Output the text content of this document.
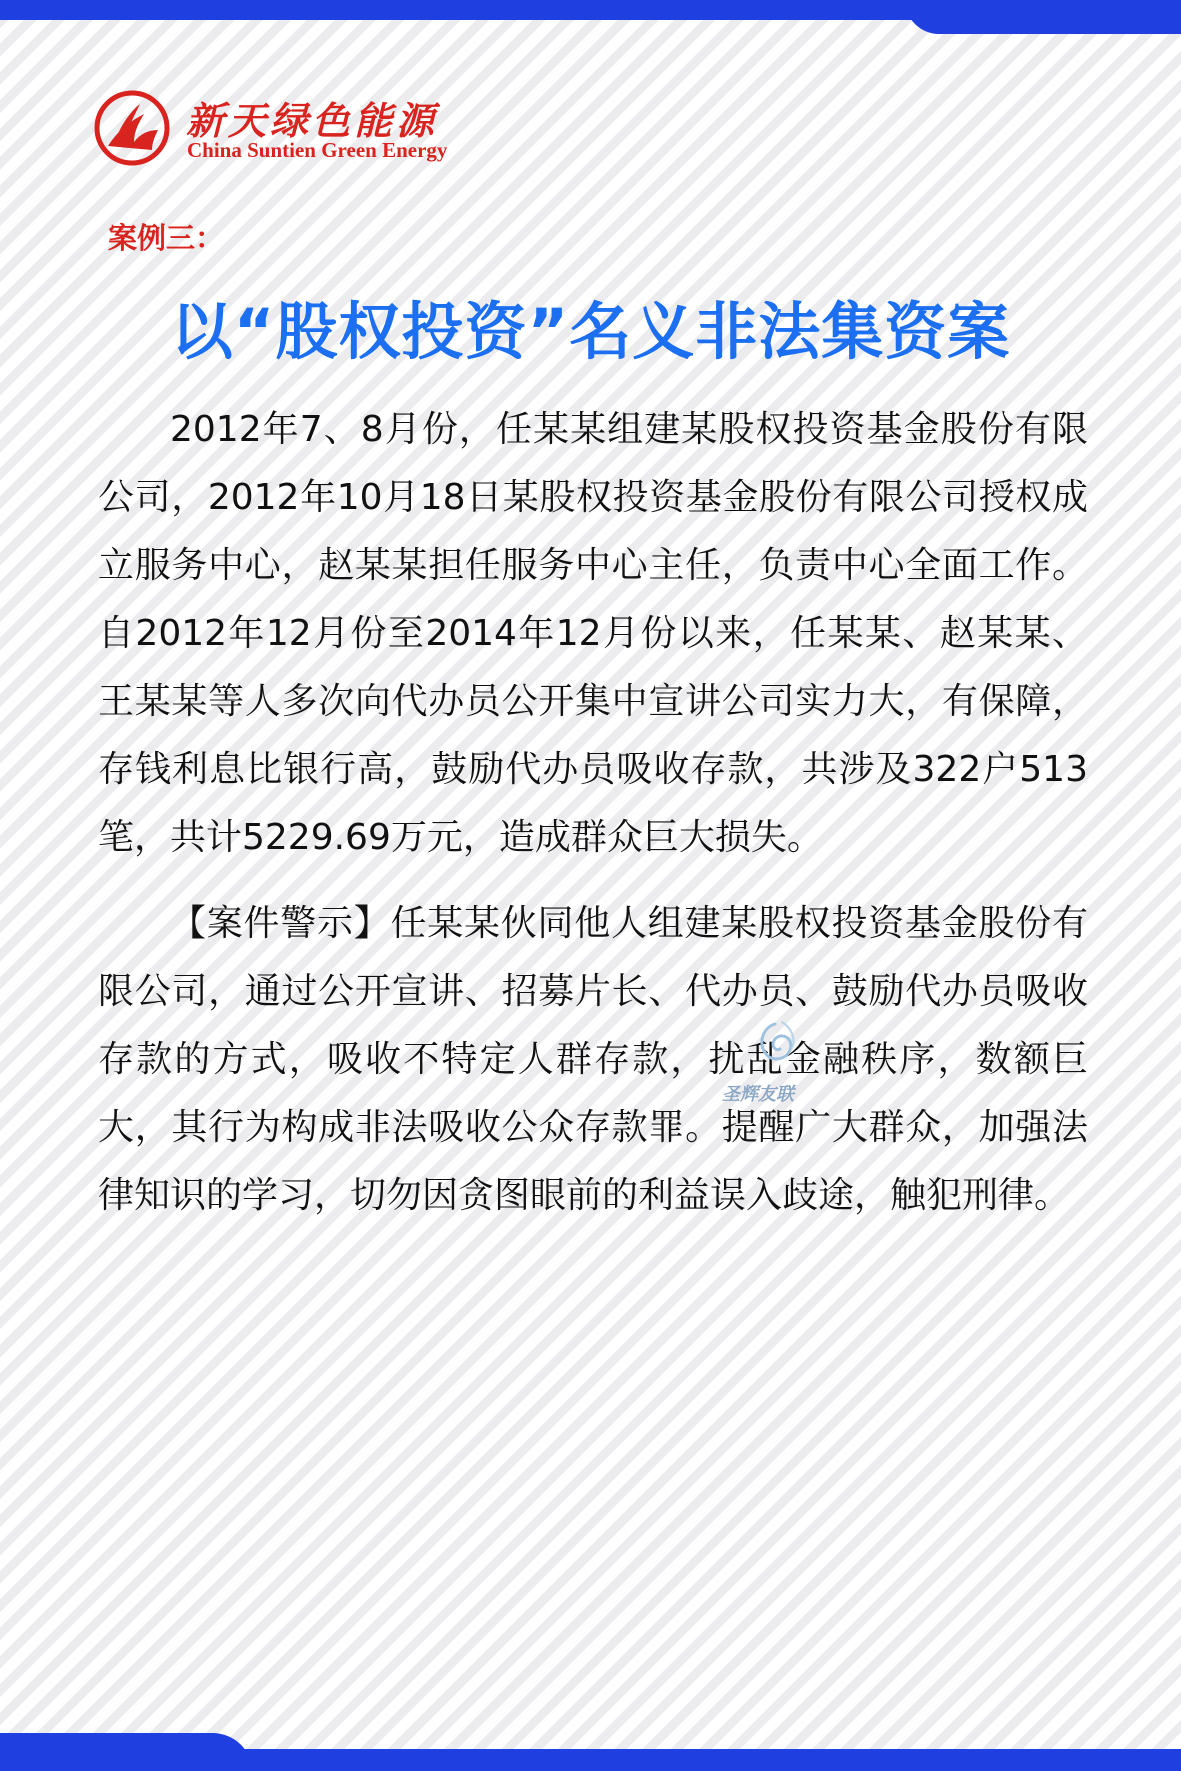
新天绿色能源
China Suntien Green Energy
案例三：
以“股权投资”名义非法集资案

2012年7、8月份，任某某组建某股权投资基金股份有限公司，2012年10月18日某股权投资基金股份有限公司授权成立服务中心，赵某某担任服务中心主任，负责中心全面工作。自2012年12月份至2014年12月份以来，任某某、赵某某、王某某等人多次向代办员公开集中宣讲公司实力大，有保障，存钱利息比银行高，鼓励代办员吸收存款，共涉及322户513笔，共计5229.69万元，造成群众巨大损失。

【案件警示】任某某伙同他人组建某股权投资基金股份有限公司，通过公开宣讲、招募片长、代办员、鼓励代办员吸收存款的方式，吸收不特定人群存款，扰乱金融秩序，数额巨大，其行为构成非法吸收公众存款罪。提醒广大群众，加强法律知识的学习，切勿因贪图眼前的利益误入歧途，触犯刑律。

圣辉友联
